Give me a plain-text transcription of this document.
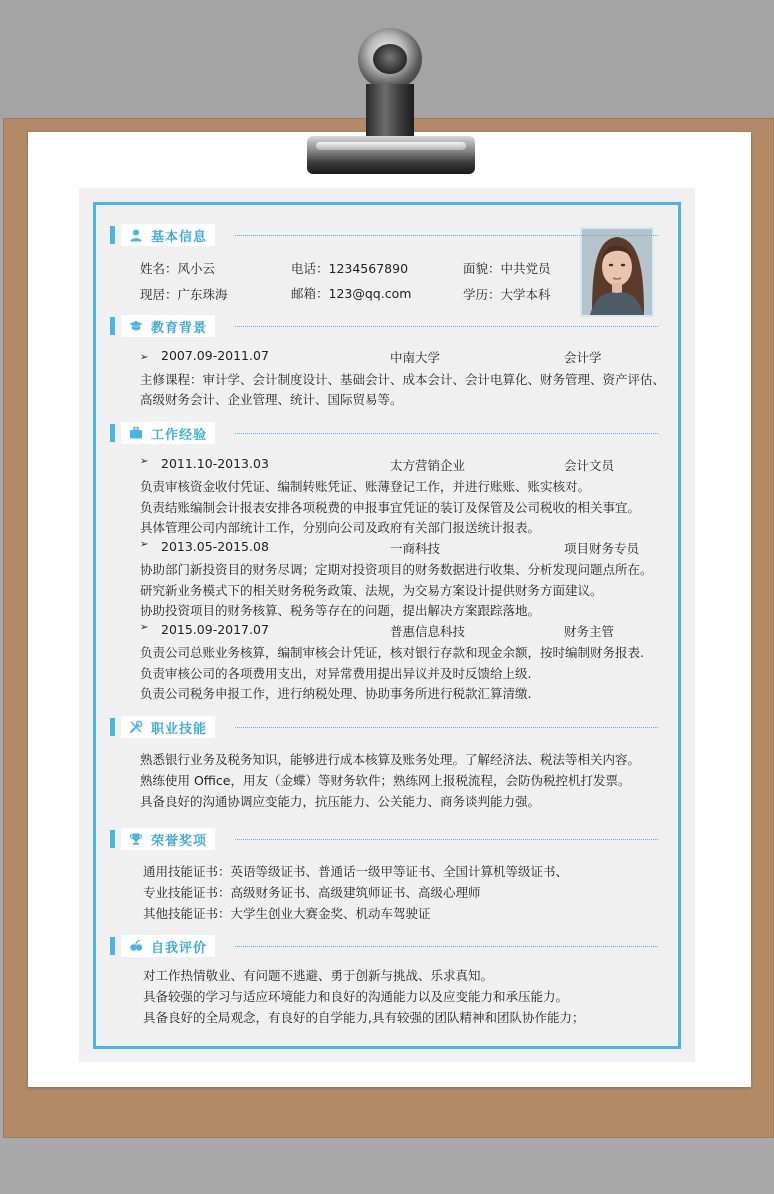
基本信息
姓名：风小云	电话：1234567890	面貌：中共党员
现居：广东珠海	邮箱：123@qq.com	学历：大学本科
教育背景
➢ 2007.09-2011.07	中南大学	会计学
主修课程：审计学、会计制度设计、基础会计、成本会计、会计电算化、财务管理、资产评估、
高级财务会计、企业管理、统计、国际贸易等。
工作经验
➢ 2011.10-2013.03	太方营销企业	会计文员
负责审核资金收付凭证、编制转账凭证、账薄登记工作，并进行账账、账实核对。
负责结账编制会计报表安排各项税费的申报事宜凭证的装订及保管及公司税收的相关事宜。
具体管理公司内部统计工作，分别向公司及政府有关部门报送统计报表。
➢ 2013.05-2015.08	一商科技	项目财务专员
协助部门新投资目的财务尽调；定期对投资项目的财务数据进行收集、分析发现问题点所在。
研究新业务模式下的相关财务税务政策、法规，为交易方案设计提供财务方面建议。
协助投资项目的财务核算、税务等存在的问题，提出解决方案跟踪落地。
➢ 2015.09-2017.07	普惠信息科技	财务主管
负责公司总账业务核算，编制审核会计凭证，核对银行存款和现金余额，按时编制财务报表.
负责审核公司的各项费用支出，对异常费用提出异议并及时反馈给上级.
负责公司税务申报工作，进行纳税处理、协助事务所进行税款汇算清缴.
职业技能
熟悉银行业务及税务知识，能够进行成本核算及账务处理。了解经济法、税法等相关内容。
熟练使用 Office，用友（金蝶）等财务软件；熟练网上报税流程，会防伪税控机打发票。
具备良好的沟通协调应变能力，抗压能力、公关能力、商务谈判能力强。
荣誉奖项
通用技能证书：英语等级证书、普通话一级甲等证书、全国计算机等级证书、
专业技能证书：高级财务证书、高级建筑师证书、高级心理师
其他技能证书：大学生创业大赛金奖、机动车驾驶证
自我评价
对工作热情敬业、有问题不逃避、勇于创新与挑战、乐求真知。
具备较强的学习与适应环境能力和良好的沟通能力以及应变能力和承压能力。
具备良好的全局观念，有良好的自学能力,具有较强的团队精神和团队协作能力；
